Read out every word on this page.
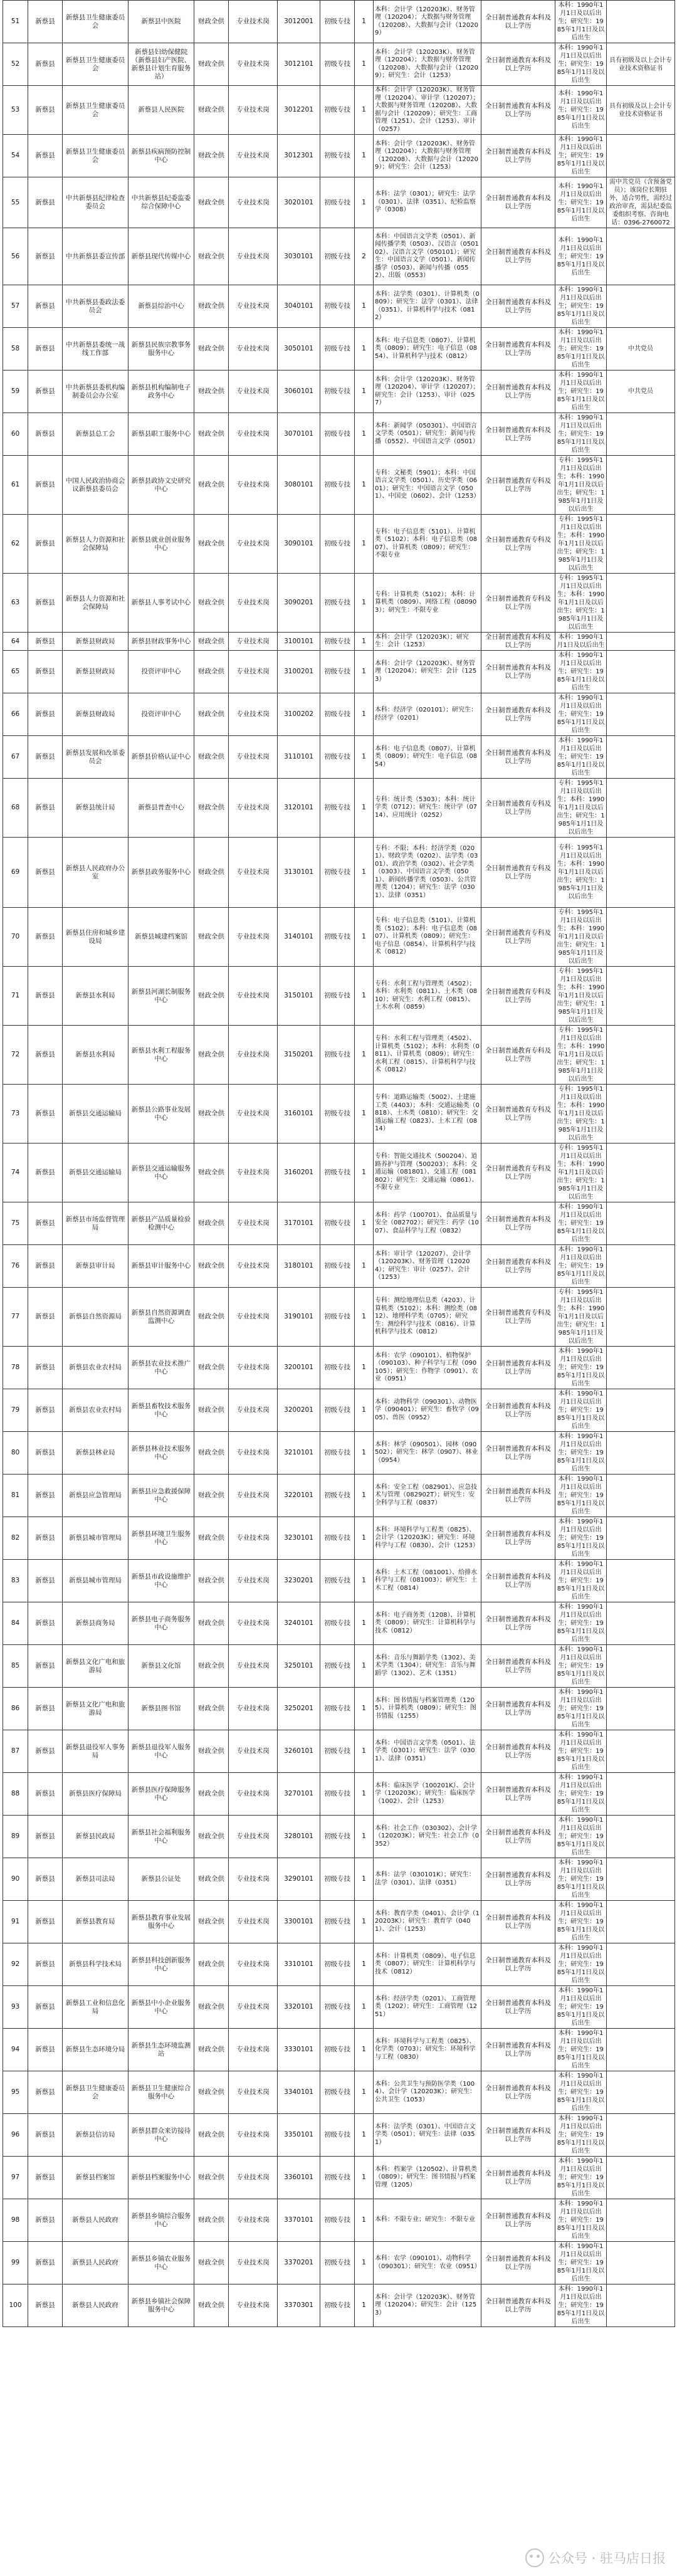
51	新蔡县	新蔡县卫生健康委员会	新蔡县中医院	财政全供	专业技术岗	3012001	初级专技	1	本科：会计学（120203K）、财务管理（120204）；大数据与财务管理（120208）、大数据与会计（120209）	全日制普通教育本科及以上学历	本科：1990年1月1日及以后出生；研究生：1985年1月1日及以后出生	
52	新蔡县	新蔡县卫生健康委员会	新蔡县妇幼保健院（新蔡县妇产医院、新蔡县计划生育服务站）	财政全供	专业技术岗	3012101	初级专技	1	本科：会计学（120203K）、财务管理（120204）；大数据与财务管理（120208）、大数据与会计（120209）；研究生：会计（1253）	全日制普通教育本科及以上学历	本科：1990年1月1日及以后出生；研究生：1985年1月1日及以后出生	具有初级及以上会计专业技术资格证书
53	新蔡县	新蔡县卫生健康委员会	新蔡县人民医院	财政全供	专业技术岗	3012201	初级专技	1	本科：会计学（120203K）、财务管理（120204）、审计学（120207）；大数据与财务管理（120208）、大数据与会计（120209）；研究生：工商管理（1251）、会计（1253）、审计（0257）	全日制普通教育本科及以上学历	本科：1990年1月1日及以后出生；研究生：1985年1月1日及以后出生	具有初级及以上会计专业技术资格证书
54	新蔡县	新蔡县卫生健康委员会	新蔡县疾病预防控制中心	财政全供	专业技术岗	3012301	初级专技	1	本科：会计学（120203K）、财务管理（120204）；大数据与财务管理（120208）、大数据与会计（120209）；研究生：会计（1253）	全日制普通教育本科及以上学历	本科：1990年1月1日及以后出生；研究生：1985年1月1日及以后出生	
55	新蔡县	中共新蔡县纪律检查委员会	中共新蔡县纪委监委综合保障中心	财政全供	专业技术岗	3020101	初级专技	1	本科：法学（0301）；研究生：法学（0301）、法律（0351）、纪检监察学（0308）	全日制普通教育本科及以上学历	本科：1990年1月1日及以后出生；研究生：1985年1月1日及以后出生	需中共党员（含预备党员）；该岗位长期驻外，适合男性，需经过政治审查，需县纪委监委组织考察。咨询电话：0396-2760072
56	新蔡县	中共新蔡县委宣传部	新蔡县现代传媒中心	财政全供	专业技术岗	3030101	初级专技	2	本科：中国语言文学类（0501）、新闻传播学类（0503）、汉语言（050102）、汉语言文学（050101）；研究生：中国语言文学（0501）、新闻传播学（0503）、新闻与传播（0552）、出版（0553）	全日制普通教育本科及以上学历	本科：1990年1月1日及以后出生；研究生：1985年1月1日及以后出生	
57	新蔡县	中共新蔡县委政法委员会	新蔡县综治中心	财政全供	专业技术岗	3040101	初级专技	1	本科：法学类（0301）、计算机类（0809）；研究生：法学（0301）、法律（0351）、计算机科学与技术（0812）	全日制普通教育本科及以上学历	本科：1990年1月1日及以后出生；研究生：1985年1月1日及以后出生	
58	新蔡县	中共新蔡县委统一战线工作部	新蔡县民族宗教事务服务中心	财政全供	专业技术岗	3050101	初级专技	1	本科：电子信息类（0807）、计算机类（0809）；研究生：电子信息（0854）、计算机科学与技术（0812）	全日制普通教育本科及以上学历	本科：1990年1月1日及以后出生；研究生：1985年1月1日及以后出生	中共党员
59	新蔡县	中共新蔡县委机构编制委员会办公室	新蔡县机构编制电子政务中心	财政全供	专业技术岗	3060101	初级专技	1	本科：会计学（120203K）、财务管理（120204）、审计学（120207）；研究生：会计（1253）、审计（0257）	全日制普通教育本科及以上学历	本科：1990年1月1日及以后出生；研究生：1985年1月1日及以后出生	中共党员
60	新蔡县	新蔡县总工会	新蔡县职工服务中心	财政全供	专业技术岗	3070101	初级专技	1	本科：新闻学（050301）、中国语言文学类（0501）；研究生：新闻与传播（0552）、中国语言文学（0501）	全日制普通教育本科及以上学历	本科：1990年1月1日及以后出生；研究生：1985年1月1日及以后出生	
61	新蔡县	中国人民政治协商会议新蔡县委员会	新蔡县政协文史研究中心	财政全供	专业技术岗	3080101	初级专技	1	专科：文秘类（5901）；本科：中国语言文学类（0501）、历史学类（0601）；研究生：中国语言文学（0501）、中国史（0602）、会计（1253）	全日制普通教育专科及以上学历	专科：1995年1月1日及以后出生；本科：1990年1月1日及以后出生；研究生：1985年1月1日及以后出生	
62	新蔡县	新蔡县人力资源和社会保障局	新蔡县就业创业服务中心	财政全供	专业技术岗	3090101	初级专技	1	专科：电子信息类（5101）、计算机类（5102）；本科：电子信息类（0807）、计算机类（0809）；研究生：不限专业	全日制普通教育专科及以上学历	专科：1995年1月1日及以后出生；本科：1990年1月1日及以后出生；研究生：1985年1月1日及以后出生	
63	新蔡县	新蔡县人力资源和社会保障局	新蔡县人事考试中心	财政全供	专业技术岗	3090201	初级专技	1	专科：计算机类（5102）；本科：计算机类（0809）、网络工程（080903）；研究生：不限专业	全日制普通教育专科及以上学历	专科：1995年1月1日及以后出生；本科：1990年1月1日及以后出生；研究生：1985年1月1日及以后出生	
64	新蔡县	新蔡县财政局	新蔡县财政事务中心	财政全供	专业技术岗	3100101	初级专技	1	本科：会计学（120203K）；研究生：会计（1253）	全日制普通教育本科及以上学历	本科：1990年1月1日及以后出生	
65	新蔡县	新蔡县财政局	投资评审中心	财政全供	专业技术岗	3100201	初级专技	1	本科：会计学（120203K）、财务管理（120204）；研究生：会计（1253）	全日制普通教育本科及以上学历	本科：1990年1月1日及以后出生；研究生：1985年1月1日及以后出生	
66	新蔡县	新蔡县财政局	投资评审中心	财政全供	专业技术岗	3100202	初级专技	1	本科：经济学（020101）；研究生：经济学（0201）	全日制普通教育本科及以上学历	本科：1990年1月1日及以后出生；研究生：1985年1月1日及以后出生	
67	新蔡县	新蔡县发展和改革委员会	新蔡县价格认证中心	财政全供	专业技术岗	3110101	初级专技	1	本科：电子信息类（0807）、计算机类（0809）；研究生：电子信息（0854）	全日制普通教育本科及以上学历	本科：1990年1月1日及以后出生；研究生：1985年1月1日及以后出生	
68	新蔡县	新蔡县统计局	新蔡县普查中心	财政全供	专业技术岗	3120101	初级专技	1	专科：统计类（5303）；本科：统计学类（0712）；研究生：统计学（0714）、应用统计（0252）	全日制普通教育专科及以上学历	专科：1995年1月1日及以后出生；本科：1990年1月1日及以后出生；研究生：1985年1月1日及以后出生	
69	新蔡县	新蔡县人民政府办公室	新蔡县政务服务中心	财政全供	专业技术岗	3130101	初级专技	1	专科：不限；本科：经济学类（0201）、财政学类（0202）、法学类（0301）、政治学类（0302）、社会学类（0303）、中国语言文学类（0501）、新闻传播学类（0503）、公共管理类（1204）；研究生：法学（0301）、法律（0351）	全日制普通教育专科及以上学历	专科：1995年1月1日及以后出生；本科：1990年1月1日及以后出生；研究生：1985年1月1日及以后出生	
70	新蔡县	新蔡县住房和城乡建设局	新蔡县城建档案馆	财政全供	专业技术岗	3140101	初级专技	1	专科：电子信息类（5101）、计算机类（5102）；本科：电子信息类（0807）、计算机类（0809）；研究生：电子信息（0854）、计算机科学与技术（0812）	全日制普通教育专科及以上学历	专科：1995年1月1日及以后出生；本科：1990年1月1日及以后出生；研究生：1985年1月1日及以后出生	
71	新蔡县	新蔡县水利局	新蔡县河湖长制服务中心	财政全供	专业技术岗	3150101	初级专技	1	专科：水利工程与管理类（4502）；本科：水利类（0811）、土木类（0810）；研究生：水利工程（0815）、土木水利（0859）	全日制普通教育专科及以上学历	专科：1995年1月1日及以后出生；本科：1990年1月1日及以后出生；研究生：1985年1月1日及以后出生	
72	新蔡县	新蔡县水利局	新蔡县水利工程服务中心	财政全供	专业技术岗	3150201	初级专技	1	专科：水利工程与管理类（4502）、计算机类（5102）；本科：水利类（0811）、计算机类（0809）；研究生：水利工程（0815）、计算机科学与技术（0812）	全日制普通教育专科及以上学历	专科：1995年1月1日及以后出生；本科：1990年1月1日及以后出生；研究生：1985年1月1日及以后出生	
73	新蔡县	新蔡县交通运输局	新蔡县公路事业发展中心	财政全供	专业技术岗	3160101	初级专技	1	专科：道路运输类（5002）、土建施工类（4403）；本科：交通运输类（0818）、土木类（0810）；研究生：交通运输工程（0823）、土木工程（0814）	全日制普通教育专科及以上学历	专科：1995年1月1日及以后出生；本科：1990年1月1日及以后出生；研究生：1985年1月1日及以后出生	
74	新蔡县	新蔡县交通运输局	新蔡县交通运输服务中心	财政全供	专业技术岗	3160201	初级专技	1	专科：智能交通技术（500204）、道路养护与管理（500203）；本科：交通运输（081801）、交通工程（081802）；研究生：交通运输（0861）、不限专业	全日制普通教育专科及以上学历	专科：1995年1月1日及以后出生；本科：1990年1月1日及以后出生；研究生：1985年1月1日及以后出生	
75	新蔡县	新蔡县市场监督管理局	新蔡县产品质量检验检测中心	财政全供	专业技术岗	3170101	初级专技	1	本科：药学（100701）、食品质量与安全（082702）；研究生：药学（1007）、食品科学与工程（0832）	全日制普通教育本科及以上学历	本科：1990年1月1日及以后出生；研究生：1985年1月1日及以后出生	
76	新蔡县	新蔡县审计局	新蔡县审计服务中心	财政全供	专业技术岗	3180101	初级专技	1	本科：审计学（120207）、会计学（120203K）、财务管理（120204）；研究生：审计（0257）、会计（1253）	全日制普通教育本科及以上学历	本科：1990年1月1日及以后出生；研究生：1985年1月1日及以后出生	
77	新蔡县	新蔡县自然资源局	新蔡县自然资源调查监测中心	财政全供	专业技术岗	3190101	初级专技	1	专科：测绘地理信息类（4203）、计算机类（5102）；本科：测绘类（0812）、地理科学类（0705）；研究生：测绘科学与技术（0816）、计算机科学与技术（0812）	全日制普通教育专科及以上学历	专科：1995年1月1日及以后出生；本科：1990年1月1日及以后出生；研究生：1985年1月1日及以后出生	
78	新蔡县	新蔡县农业农村局	新蔡县农业技术推广中心	财政全供	专业技术岗	3200101	初级专技	1	本科：农学（090101）、植物保护（090103）、种子科学与工程（090105）；研究生：作物学（0901）、农业（0951）	全日制普通教育本科及以上学历	本科：1990年1月1日及以后出生；研究生：1985年1月1日及以后出生	
79	新蔡县	新蔡县农业农村局	新蔡县畜牧技术服务中心	财政全供	专业技术岗	3200201	初级专技	1	本科：动物科学（090301）、动物医学（090401）；研究生：畜牧学（0905）、兽医（0952）	全日制普通教育本科及以上学历	本科：1990年1月1日及以后出生；研究生：1985年1月1日及以后出生	
80	新蔡县	新蔡县林业局	新蔡县林业技术服务中心	财政全供	专业技术岗	3210101	初级专技	1	本科：林学（090501）、园林（090502）；研究生：林学（0907）、林业（0954）	全日制普通教育本科及以上学历	本科：1990年1月1日及以后出生；研究生：1985年1月1日及以后出生	
81	新蔡县	新蔡县应急管理局	新蔡县应急救援保障中心	财政全供	专业技术岗	3220101	初级专技	1	本科：安全工程（082901）、应急技术与管理（082902T）；研究生：安全科学与工程（0837）	全日制普通教育本科及以上学历	本科：1990年1月1日及以后出生；研究生：1985年1月1日及以后出生	
82	新蔡县	新蔡县城市管理局	新蔡县环境卫生服务中心	财政全供	专业技术岗	3230101	初级专技	1	本科：环境科学与工程类（0825）、会计学（120203K）；研究生：环境科学与工程（0830）、会计（1253）	全日制普通教育本科及以上学历	本科：1990年1月1日及以后出生；研究生：1985年1月1日及以后出生	
83	新蔡县	新蔡县城市管理局	新蔡县市政设施维护中心	财政全供	专业技术岗	3230201	初级专技	1	本科：土木工程（081001）、给排水科学与工程（081003）；研究生：土木工程（0814）	全日制普通教育本科及以上学历	本科：1990年1月1日及以后出生；研究生：1985年1月1日及以后出生	
84	新蔡县	新蔡县商务局	新蔡县电子商务服务中心	财政全供	专业技术岗	3240101	初级专技	1	本科：电子商务类（1208）、计算机类（0809）；研究生：计算机科学与技术（0812）	全日制普通教育本科及以上学历	本科：1990年1月1日及以后出生；研究生：1985年1月1日及以后出生	
85	新蔡县	新蔡县文化广电和旅游局	新蔡县文化馆	财政全供	专业技术岗	3250101	初级专技	1	本科：音乐与舞蹈学类（1302）、美术学类（1304）；研究生：音乐与舞蹈学（1302）、艺术（1351）	全日制普通教育本科及以上学历	本科：1990年1月1日及以后出生；研究生：1985年1月1日及以后出生	
86	新蔡县	新蔡县文化广电和旅游局	新蔡县图书馆	财政全供	专业技术岗	3250201	初级专技	1	本科：图书情报与档案管理类（1205）、计算机类（0809）；研究生：图书情报（1255）	全日制普通教育本科及以上学历	本科：1990年1月1日及以后出生；研究生：1985年1月1日及以后出生	
87	新蔡县	新蔡县退役军人事务局	新蔡县退役军人服务中心	财政全供	专业技术岗	3260101	初级专技	1	本科：中国语言文学类（0501）、法学类（0301）；研究生：法学（0301）、法律（0351）	全日制普通教育本科及以上学历	本科：1990年1月1日及以后出生；研究生：1985年1月1日及以后出生	
88	新蔡县	新蔡县医疗保障局	新蔡县医疗保障服务中心	财政全供	专业技术岗	3270101	初级专技	1	本科：临床医学（100201K）、会计学（120203K）；研究生：临床医学（1002）、会计（1253）	全日制普通教育本科及以上学历	本科：1990年1月1日及以后出生；研究生：1985年1月1日及以后出生	
89	新蔡县	新蔡县民政局	新蔡县社会福利服务中心	财政全供	专业技术岗	3280101	初级专技	1	本科：社会工作（030302）、会计学（120203K）；研究生：社会工作（0352）	全日制普通教育本科及以上学历	本科：1990年1月1日及以后出生；研究生：1985年1月1日及以后出生	
90	新蔡县	新蔡县司法局	新蔡县公证处	财政全供	专业技术岗	3290101	初级专技	1	本科：法学（030101K）；研究生：法学（0301）、法律（0351）	全日制普通教育本科及以上学历	本科：1990年1月1日及以后出生；研究生：1985年1月1日及以后出生	
91	新蔡县	新蔡县教育局	新蔡县教育事业发展服务中心	财政全供	专业技术岗	3300101	初级专技	1	本科：教育学类（0401）、会计学（120203K）；研究生：教育学（0401）、会计（1253）	全日制普通教育本科及以上学历	本科：1990年1月1日及以后出生；研究生：1985年1月1日及以后出生	
92	新蔡县	新蔡县科学技术局	新蔡县科技创新服务中心	财政全供	专业技术岗	3310101	初级专技	1	本科：计算机类（0809）、电子信息类（0807）；研究生：计算机科学与技术（0812）	全日制普通教育本科及以上学历	本科：1990年1月1日及以后出生；研究生：1985年1月1日及以后出生	
93	新蔡县	新蔡县工业和信息化局	新蔡县中小企业服务中心	财政全供	专业技术岗	3320101	初级专技	1	本科：经济学类（0201）、工商管理类（1202）；研究生：工商管理（1251）	全日制普通教育本科及以上学历	本科：1990年1月1日及以后出生；研究生：1985年1月1日及以后出生	
94	新蔡县	新蔡县生态环境分局	新蔡县生态环境监测站	财政全供	专业技术岗	3330101	初级专技	1	本科：环境科学与工程类（0825）、化学类（0703）；研究生：环境科学与工程（0830）	全日制普通教育本科及以上学历	本科：1990年1月1日及以后出生；研究生：1985年1月1日及以后出生	
95	新蔡县	新蔡县卫生健康委员会	新蔡县卫生健康综合服务中心	财政全供	专业技术岗	3340101	初级专技	1	本科：公共卫生与预防医学类（1004）、会计学（120203K）；研究生：公共卫生（1053）	全日制普通教育本科及以上学历	本科：1990年1月1日及以后出生；研究生：1985年1月1日及以后出生	
96	新蔡县	新蔡县信访局	新蔡县群众来访接待中心	财政全供	专业技术岗	3350101	初级专技	1	本科：法学类（0301）、中国语言文学类（0501）；研究生：法律（0351）	全日制普通教育本科及以上学历	本科：1990年1月1日及以后出生；研究生：1985年1月1日及以后出生	
97	新蔡县	新蔡县档案馆	新蔡县档案服务中心	财政全供	专业技术岗	3360101	初级专技	1	本科：档案学（120502）、计算机类（0809）；研究生：图书情报与档案管理（1205）	全日制普通教育本科及以上学历	本科：1990年1月1日及以后出生；研究生：1985年1月1日及以后出生	
98	新蔡县	新蔡县人民政府	新蔡县乡镇综合服务中心	财政全供	专业技术岗	3370101	初级专技	1	本科：不限专业；研究生：不限专业	全日制普通教育本科及以上学历	本科：1990年1月1日及以后出生；研究生：1985年1月1日及以后出生	
99	新蔡县	新蔡县人民政府	新蔡县乡镇农业服务中心	财政全供	专业技术岗	3370201	初级专技	1	本科：农学（090101）、动物科学（090301）；研究生：农业（0951）	全日制普通教育本科及以上学历	本科：1990年1月1日及以后出生；研究生：1985年1月1日及以后出生	
100	新蔡县	新蔡县人民政府	新蔡县乡镇社会保障服务中心	财政全供	专业技术岗	3370301	初级专技	1	本科：会计学（120203K）、财务管理（120204）；研究生：会计（1253）	全日制普通教育本科及以上学历	本科：1990年1月1日及以后出生；研究生：1985年1月1日及以后出生	
公众号 · 驻马店日报
